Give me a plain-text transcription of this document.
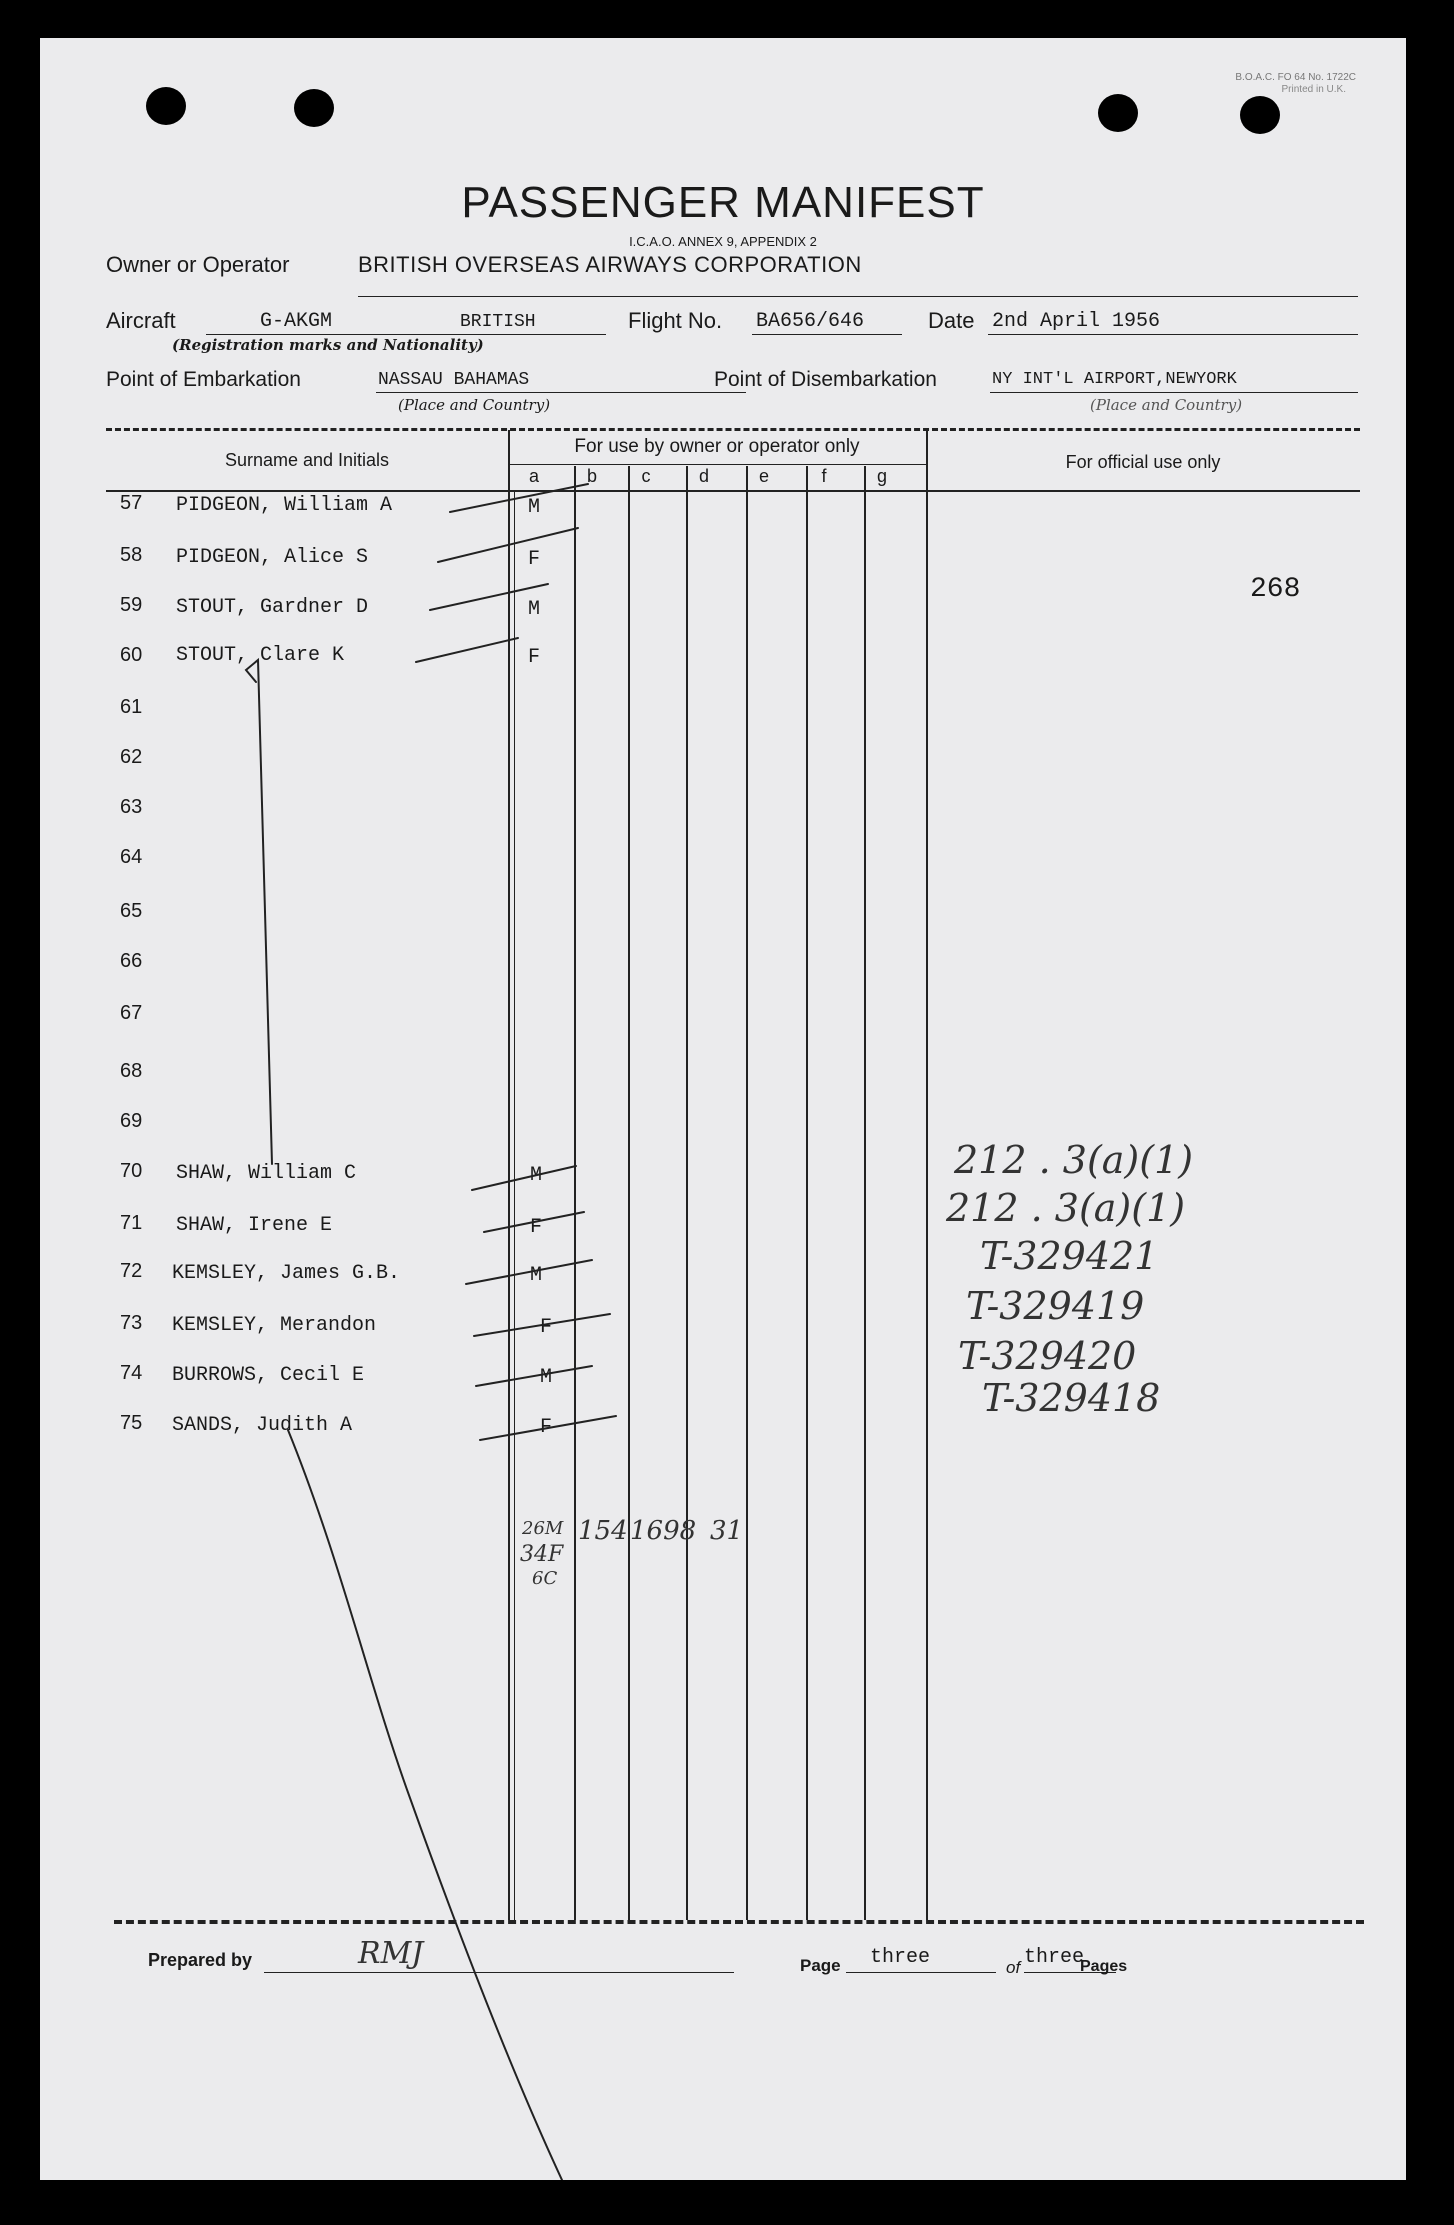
B.O.A.C. FO 64 No. 1722C
Printed in U.K.
PASSENGER MANIFEST
I.C.A.O. ANNEX 9, APPENDIX 2
Owner or Operator	BRITISH OVERSEAS AIRWAYS CORPORATION
Aircraft	G-AKGM	BRITISH
(Registration marks and Nationality)
Flight No. BA656/646	Date 2nd April 1956
Point of Embarkation	NASSAU BAHAMAS
(Place and Country)
Point of Disembarkation	NY INT'L AIRPORT,NEWYORK
(Place and Country)
Surname and Initials
For use by owner or operator only
For official use only
a	b	c	d	e	f	g
57	PIDGEON, William A	M
58	PIDGEON, Alice S	F
59	STOUT, Gardner D	M
60	STOUT, Clare K	F
61
62
63
64
65
66
67
68
69
70	SHAW, William C	M
71	SHAW, Irene E	F
72	KEMSLEY, James G.B.	M
73	KEMSLEY, Merandon	F
74	BURROWS, Cecil E	M
75	SANDS, Judith A	F
268
212 . 3(a)(1)
212 . 3(a)(1)
T-329421
T-329419
T-329420
T-329418
26M
34F
6C
154 1698 31
Prepared by	RMJ	Page three	of three
Pages
